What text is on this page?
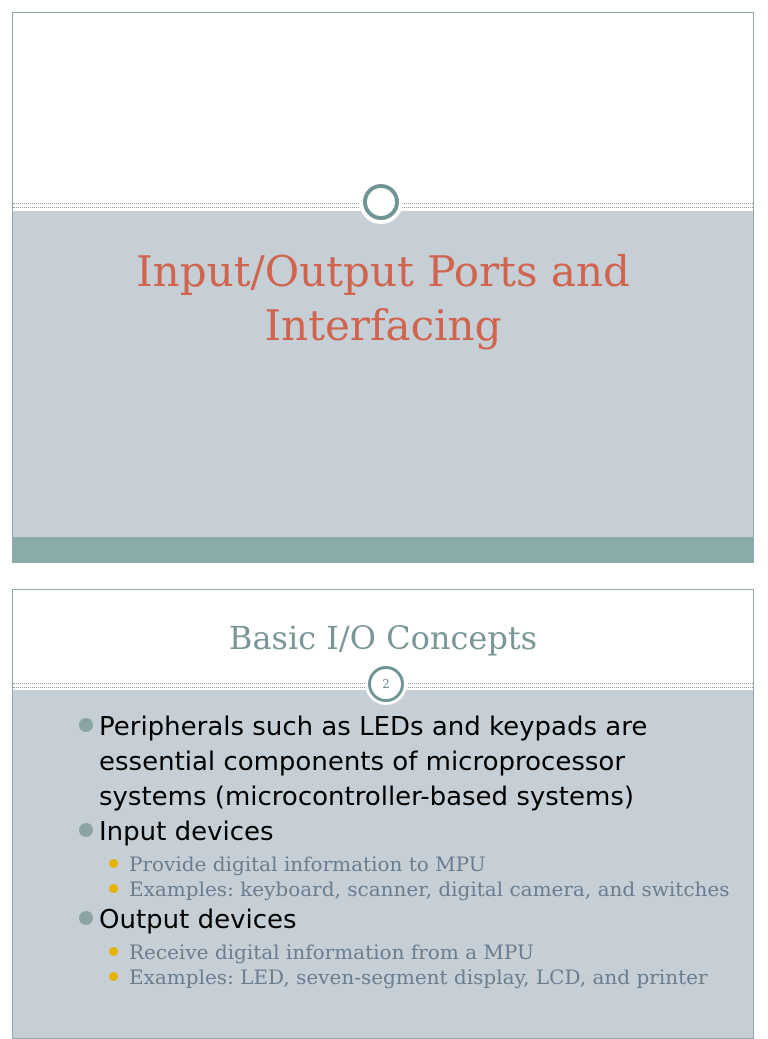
Input/Output Ports and Interfacing
Basic I/O Concepts
2
Peripherals such as LEDs and keypads are essential components of microprocessor systems (microcontroller-based systems)
Input devices
Provide digital information to MPU
Examples: keyboard, scanner, digital camera, and switches
Output devices
Receive digital information from a MPU
Examples: LED, seven-segment display, LCD, and printer
